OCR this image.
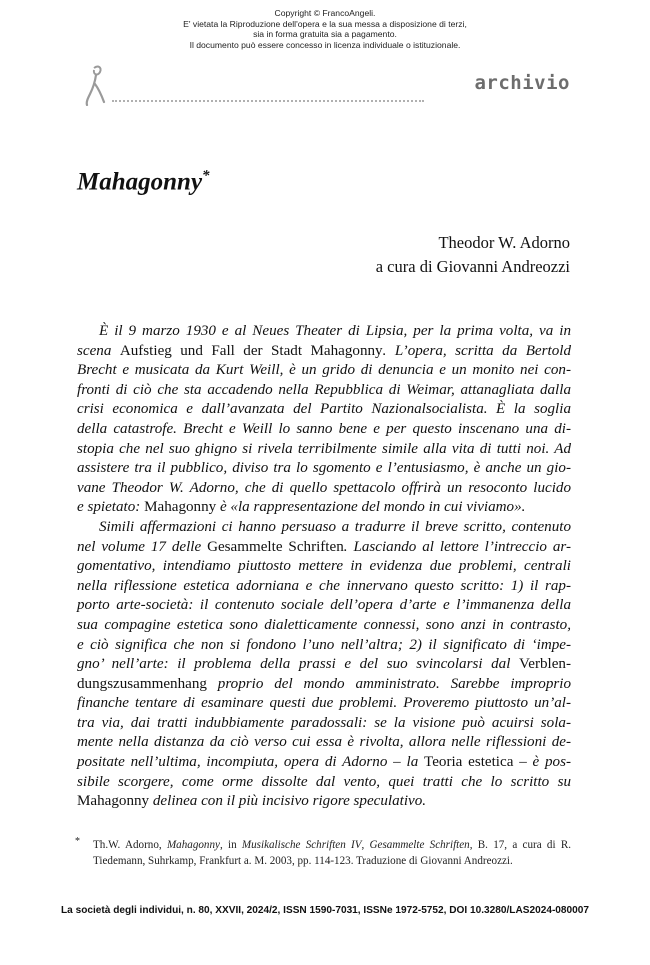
Copyright © FrancoAngeli.
E' vietata la Riproduzione dell'opera e la sua messa a disposizione di terzi,
sia in forma gratuita sia a pagamento.
Il documento può essere concesso in licenza individuale o istituzionale.
archivio
Mahagonny*
Theodor W. Adorno
a cura di Giovanni Andreozzi
È il 9 marzo 1930 e al Neues Theater di Lipsia, per la prima volta, va in
scena Aufstieg und Fall der Stadt Mahagonny. L’opera, scritta da Bertold
Brecht e musicata da Kurt Weill, è un grido di denuncia e un monito nei con-
fronti di ciò che sta accadendo nella Repubblica di Weimar, attanagliata dalla
crisi economica e dall’avanzata del Partito Nazionalsocialista. È la soglia
della catastrofe. Brecht e Weill lo sanno bene e per questo inscenano una di-
stopia che nel suo ghigno si rivela terribilmente simile alla vita di tutti noi. Ad
assistere tra il pubblico, diviso tra lo sgomento e l’entusiasmo, è anche un gio-
vane Theodor W. Adorno, che di quello spettacolo offrirà un resoconto lucido
e spietato: Mahagonny è «la rappresentazione del mondo in cui viviamo».
Simili affermazioni ci hanno persuaso a tradurre il breve scritto, contenuto
nel volume 17 delle Gesammelte Schriften. Lasciando al lettore l’intreccio ar-
gomentativo, intendiamo piuttosto mettere in evidenza due problemi, centrali
nella riflessione estetica adorniana e che innervano questo scritto: 1) il rap-
porto arte-società: il contenuto sociale dell’opera d’arte e l’immanenza della
sua compagine estetica sono dialetticamente connessi, sono anzi in contrasto,
e ciò significa che non si fondono l’uno nell’altra; 2) il significato di ‘impe-
gno’ nell’arte: il problema della prassi e del suo svincolarsi dal Verblen-
dungszusammenhang proprio del mondo amministrato. Sarebbe improprio
finanche tentare di esaminare questi due problemi. Proveremo piuttosto un’al-
tra via, dai tratti indubbiamente paradossali: se la visione può acuirsi sola-
mente nella distanza da ciò verso cui essa è rivolta, allora nelle riflessioni de-
positate nell’ultima, incompiuta, opera di Adorno – la Teoria estetica – è pos-
sibile scorgere, come orme dissolte dal vento, quei tratti che lo scritto su
Mahagonny delinea con il più incisivo rigore speculativo.
* Th.W. Adorno, Mahagonny, in Musikalische Schriften IV, Gesammelte Schriften, B. 17, a cura di R.
Tiedemann, Suhrkamp, Frankfurt a. M. 2003, pp. 114-123. Traduzione di Giovanni Andreozzi.
La società degli individui, n. 80, XXVII, 2024/2, ISSN 1590-7031, ISSNe 1972-5752, DOI 10.3280/LAS2024-080007
